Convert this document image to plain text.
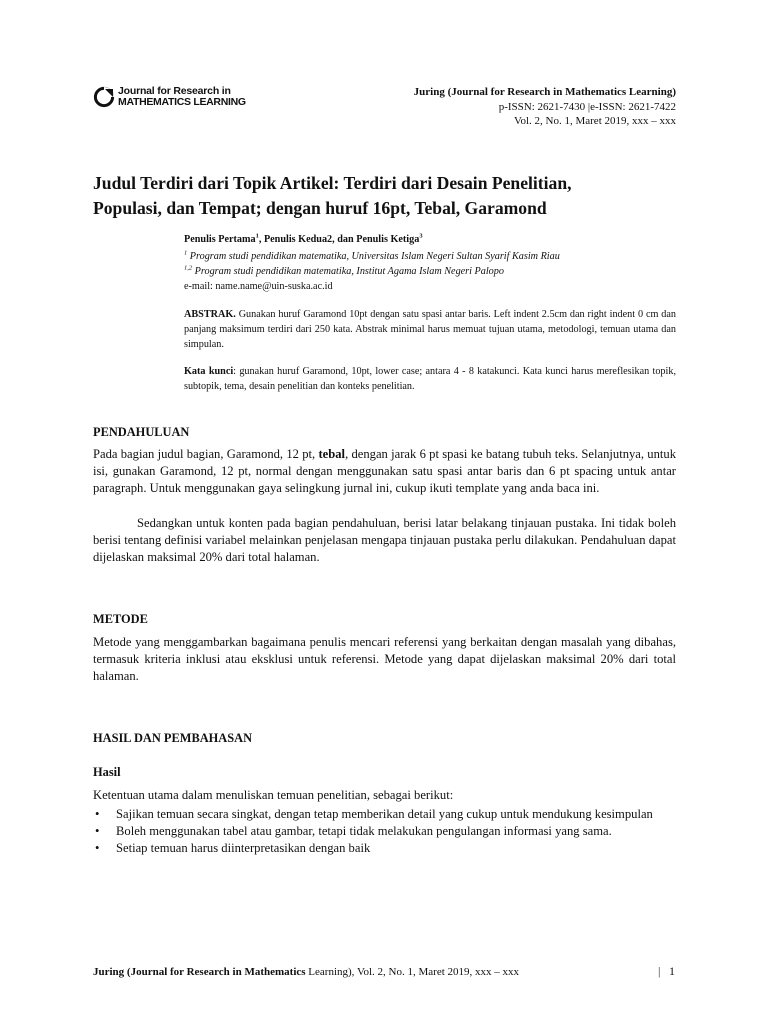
Journal for Research in
MATHEMATICS LEARNING
Juring (Journal for Research in Mathematics Learning)
p-ISSN: 2621-7430 |e-ISSN: 2621-7422
Vol. 2, No. 1, Maret 2019, xxx – xxx
Judul Terdiri dari Topik Artikel: Terdiri dari Desain Penelitian,
Populasi, dan Tempat; dengan huruf 16pt, Tebal, Garamond
Penulis Pertama$^1$, Penulis Kedua2, dan Penulis Ketiga$^3$
$^1$ Program studi pendidikan matematika, Universitas Islam Negeri Sultan Syarif Kasim Riau
$^{1,2}$ Program studi pendidikan matematika, Institut Agama Islam Negeri Palopo
e-mail: name.name@uin-suska.ac.id
ABSTRAK. Gunakan huruf Garamond 10pt dengan satu spasi antar baris. Left indent 2.5cm dan right indent 0 cm dan panjang maksimum terdiri dari 250 kata. Abstrak minimal harus memuat tujuan utama, metodologi, temuan utama dan simpulan.
Kata kunci: gunakan huruf Garamond, 10pt, lower case; antara 4 - 8 katakunci. Kata kunci harus mereflesikan topik, subtopik, tema, desain penelitian dan konteks penelitian.
PENDAHULUAN
Pada bagian judul bagian, Garamond, 12 pt, tebal, dengan jarak 6 pt spasi ke batang tubuh teks. Selanjutnya, untuk isi, gunakan Garamond, 12 pt, normal dengan menggunakan satu spasi antar baris dan 6 pt spacing untuk antar paragraph. Untuk menggunakan gaya selingkung jurnal ini, cukup ikuti template yang anda baca ini.
Sedangkan untuk konten pada bagian pendahuluan, berisi latar belakang tinjauan pustaka. Ini tidak boleh berisi tentang definisi variabel melainkan penjelasan mengapa tinjauan pustaka perlu dilakukan. Pendahuluan dapat dijelaskan maksimal 20% dari total halaman.
METODE
Metode yang menggambarkan bagaimana penulis mencari referensi yang berkaitan dengan masalah yang dibahas, termasuk kriteria inklusi atau eksklusi untuk referensi. Metode yang dapat dijelaskan maksimal 20% dari total halaman.
HASIL DAN PEMBAHASAN
Hasil
Ketentuan utama dalam menuliskan temuan penelitian, sebagai berikut:
• Sajikan temuan secara singkat, dengan tetap memberikan detail yang cukup untuk mendukung kesimpulan
• Boleh menggunakan tabel atau gambar, tetapi tidak melakukan pengulangan informasi yang sama.
• Setiap temuan harus diinterpretasikan dengan baik
Juring (Journal for Research in Mathematics Learning), Vol. 2, No. 1, Maret 2019, xxx – xxx	| 1
